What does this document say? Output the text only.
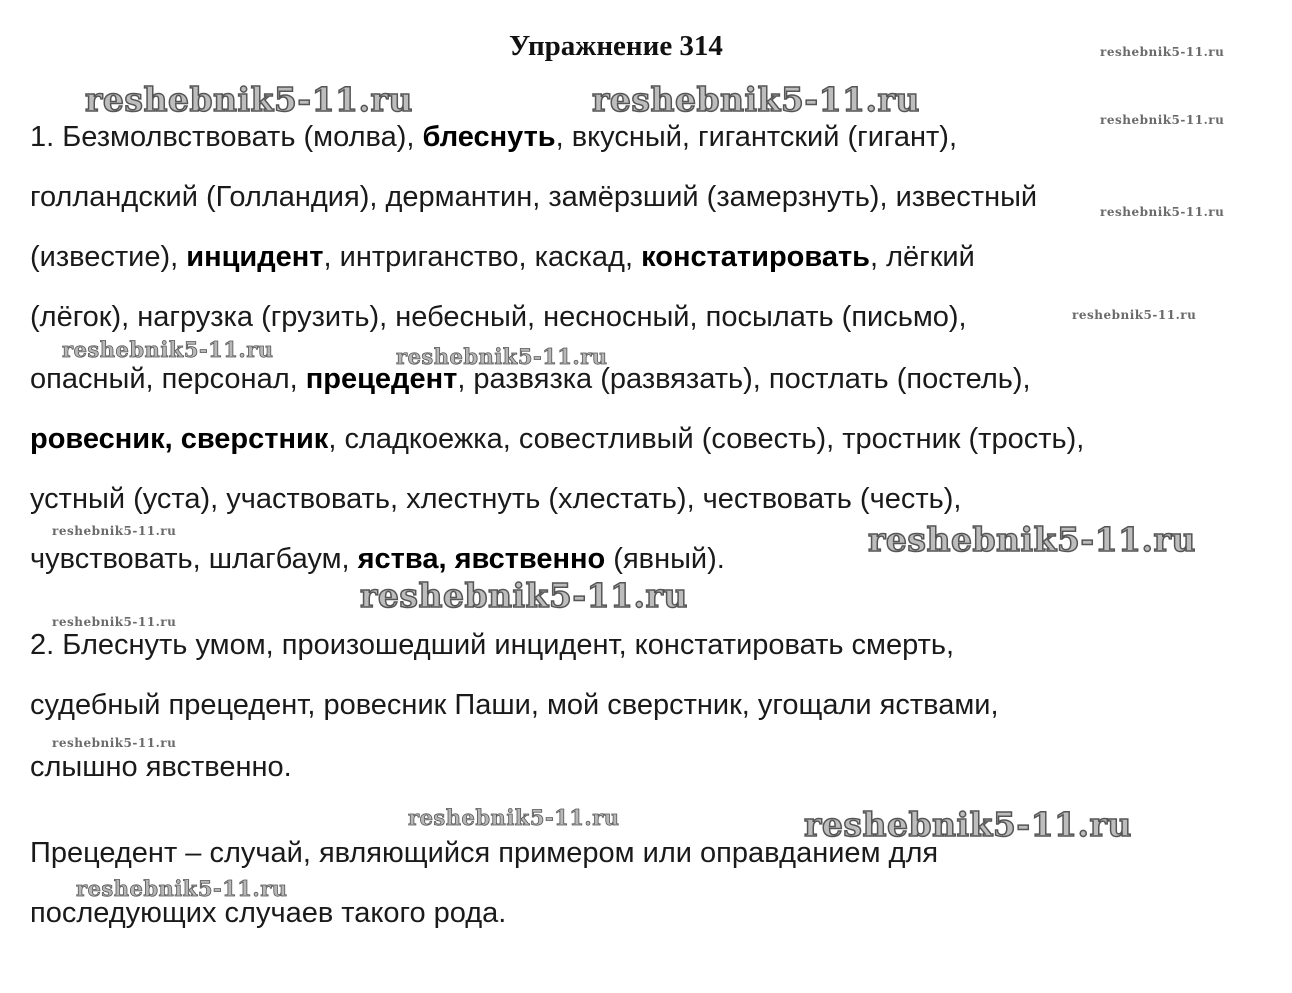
Упражнение 314
1. Безмолвствовать (молва), блеснуть, вкусный, гигантский (гигант),
голландский (Голландия), дермантин, замёрзший (замерзнуть), известный
(известие), инцидент, интриганство, каскад, констатировать, лёгкий
(лёгок), нагрузка (грузить), небесный, несносный, посылать (письмо),
опасный, персонал, прецедент, развязка (развязать), постлать (постель),
ровесник, сверстник, сладкоежка, совестливый (совесть), тростник (трость),
устный (уста), участвовать, хлестнуть (хлестать), чествовать (честь),
чувствовать, шлагбаум, яства, явственно (явный).
2. Блеснуть умом, произошедший инцидент, констатировать смерть,
судебный прецедент, ровесник Паши, мой сверстник, угощали яствами,
слышно явственно.
Прецедент – случай, являющийся примером или оправданием для
последующих случаев такого рода.
reshebnik5-11.ru	reshebnik5-11.ru
reshebnik5-11.ru
reshebnik5-11.ru
reshebnik5-11.ru
reshebnik5-11.ru
reshebnik5-11.ru	reshebnik5-11.ru
reshebnik5-11.ru	reshebnik5-11.ru
reshebnik5-11.ru
reshebnik5-11.ru
reshebnik5-11.ru
reshebnik5-11.ru	reshebnik5-11.ru
reshebnik5-11.ru
